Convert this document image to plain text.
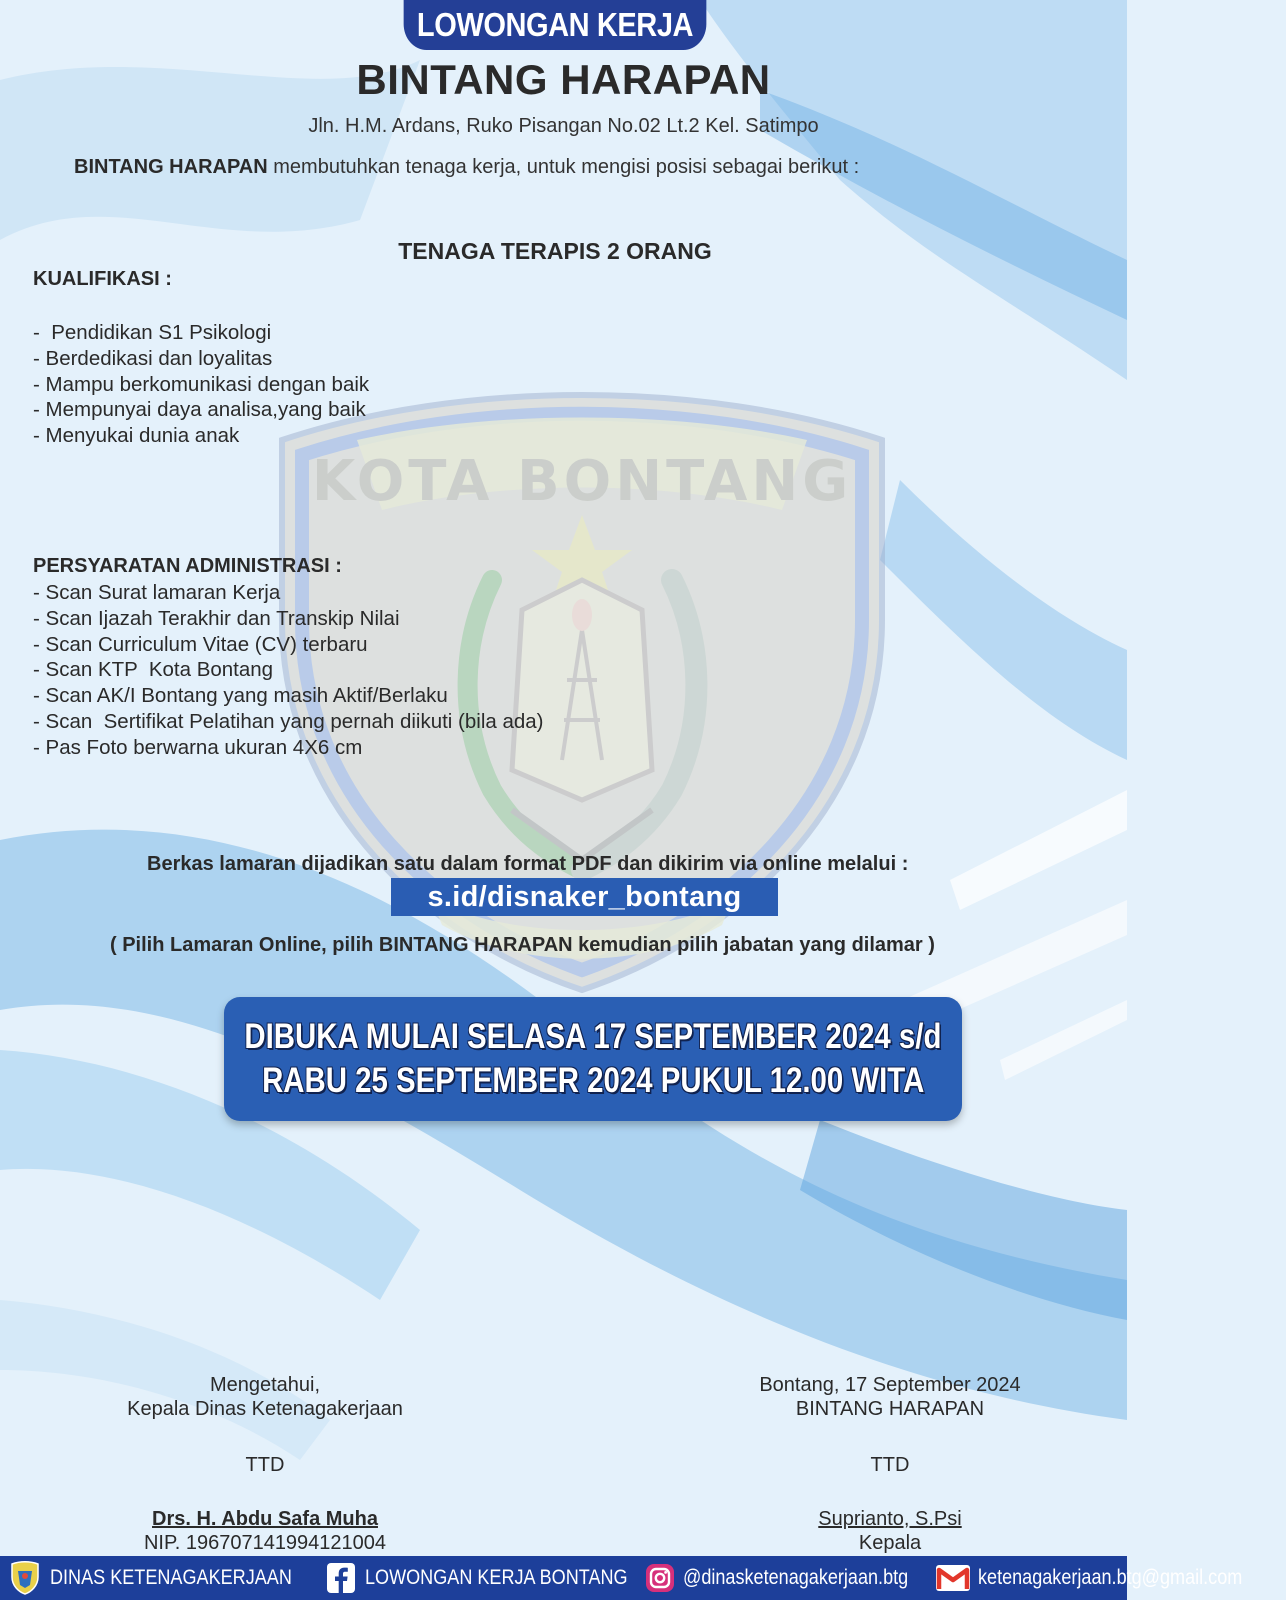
KOTA BONTANG
LOWONGAN KERJA
BINTANG HARAPAN
Jln. H.M. Ardans, Ruko Pisangan No.02 Lt.2 Kel. Satimpo
BINTANG HARAPAN membutuhkan tenaga kerja, untuk mengisi posisi sebagai berikut :
TENAGA TERAPIS 2 ORANG
KUALIFIKASI :
-  Pendidikan S1 Psikologi
- Berdedikasi dan loyalitas
- Mampu berkomunikasi dengan baik
- Mempunyai daya analisa,yang baik
- Menyukai dunia anak
PERSYARATAN ADMINISTRASI :
- Scan Surat lamaran Kerja
- Scan Ijazah Terakhir dan Transkip Nilai
- Scan Curriculum Vitae (CV) terbaru
- Scan KTP  Kota Bontang
- Scan AK/I Bontang yang masih Aktif/Berlaku
- Scan  Sertifikat Pelatihan yang pernah diikuti (bila ada)
- Pas Foto berwarna ukuran 4X6 cm
Berkas lamaran dijadikan satu dalam format PDF dan dikirim via online melalui :
s.id/disnaker_bontang
( Pilih Lamaran Online, pilih BINTANG HARAPAN kemudian pilih jabatan yang dilamar )
DIBUKA MULAI SELASA 17 SEPTEMBER 2024 s/d
RABU 25 SEPTEMBER 2024 PUKUL 12.00 WITA
Mengetahui,
Kepala Dinas Ketenagakerjaan
TTD
Drs. H. Abdu Safa Muha
NIP. 196707141994121004
Bontang, 17 September 2024
BINTANG HARAPAN
TTD
Suprianto, S.Psi
Kepala
DINAS KETENAGAKERJAAN	LOWONGAN KERJA BONTANG	@dinasketenagakerjaan.btg	ketenagakerjaan.btg@gmail.com
